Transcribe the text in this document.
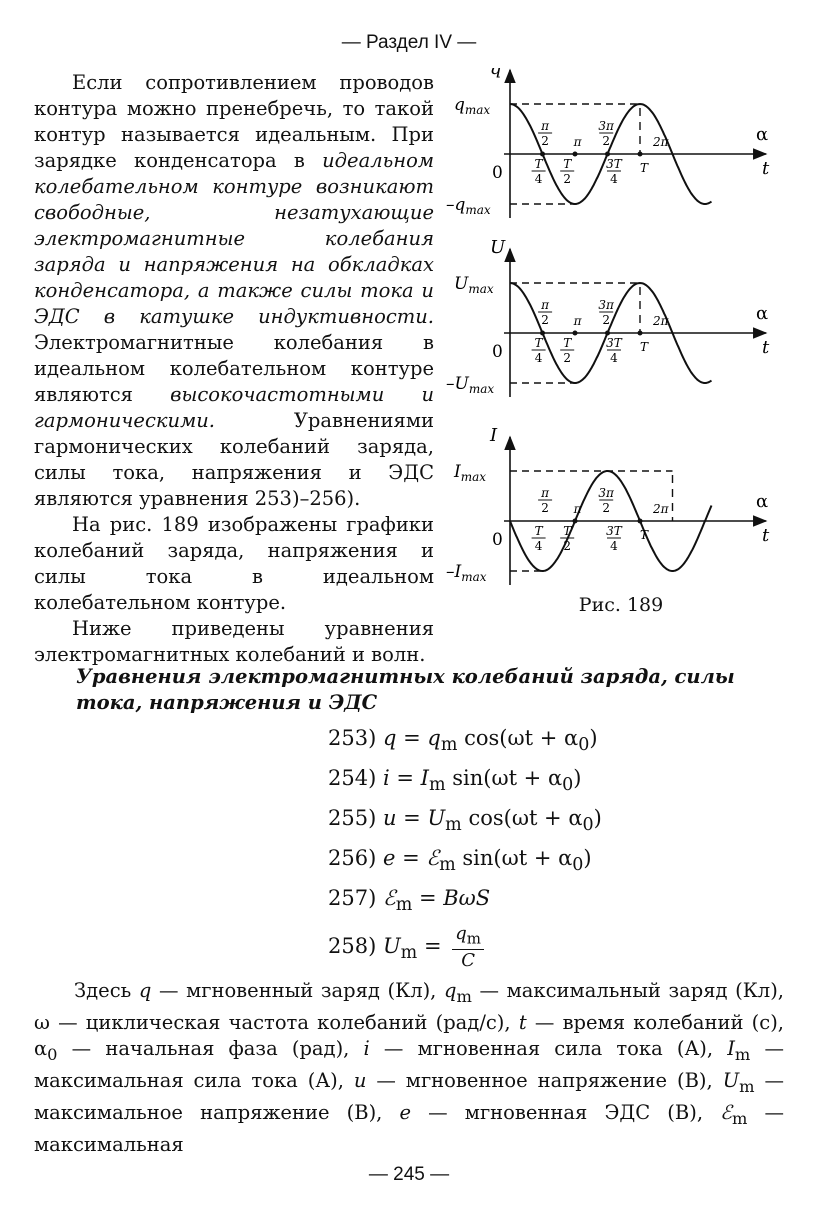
— Раздел IV —

Если сопротивлением проводов контура можно пренебречь, то такой контур называется идеальным. При зарядке конденсатора в идеальном колебательном контуре возникают свободные, незатухающие электромагнитные колебания заряда и напряжения на обкладках конденсатора, а также силы тока и ЭДС в катушке индуктивности. Электромагнитные колебания в идеальном колебательном контуре являются высокочастотными и гармоническими. Уравнениями гармонических колебаний заряда, силы тока, напряжения и ЭДС являются уравнения 253)–256).

На рис. 189 изображены графики колебаний заряда, напряжения и силы тока в идеальном колебательном контуре.

Ниже приведены уравнения электромагнитных колебаний и волн.

q
$q_{max}$
$-q_{max}$
0
α
t
π
2 π
3π
2	2π
T
4
T
2
3T
4
T
U
$U_{max}$
$-U_{max}$
0
α
t
π
2 π
3π
2	2π
T
4
T
2
3T
4
T
I
$I_{max}$
$-I_{max}$
0
α
t
π
2 π
3π
2	2π
T
4
T
2
3T
4
T
Рис. 189
Уравнения электромагнитных колебаний заряда, силы тока, напряжения и ЭДС
253) $q = q_m$ $\cos(\omega t + \alpha_0)$
254) $i = I_m$ $\sin(\omega t + \alpha_0)$
255) $u = U_m$ $\cos(\omega t + \alpha_0)$
256) e = ℰ$_m$ $\sin(\omega t + \alpha_0)$
257) ℰ$_m$ = BωS
258) $U_m = \frac{q_m}{C}$

Здесь q — мгновенный заряд (Кл), $q_m$ — максимальный заряд (Кл), ω — циклическая частота колебаний (рад/с), t — время колебаний (с), $\alpha_0$ — начальная фаза (рад), i — мгновенная сила тока (А), $I_m$ — максимальная сила тока (А), u — мгновенное напряжение (В), $U_m$ — максимальное напряжение (В), e — мгновенная ЭДС (В), ℰ$_m$ — максимальная

— 245 —
